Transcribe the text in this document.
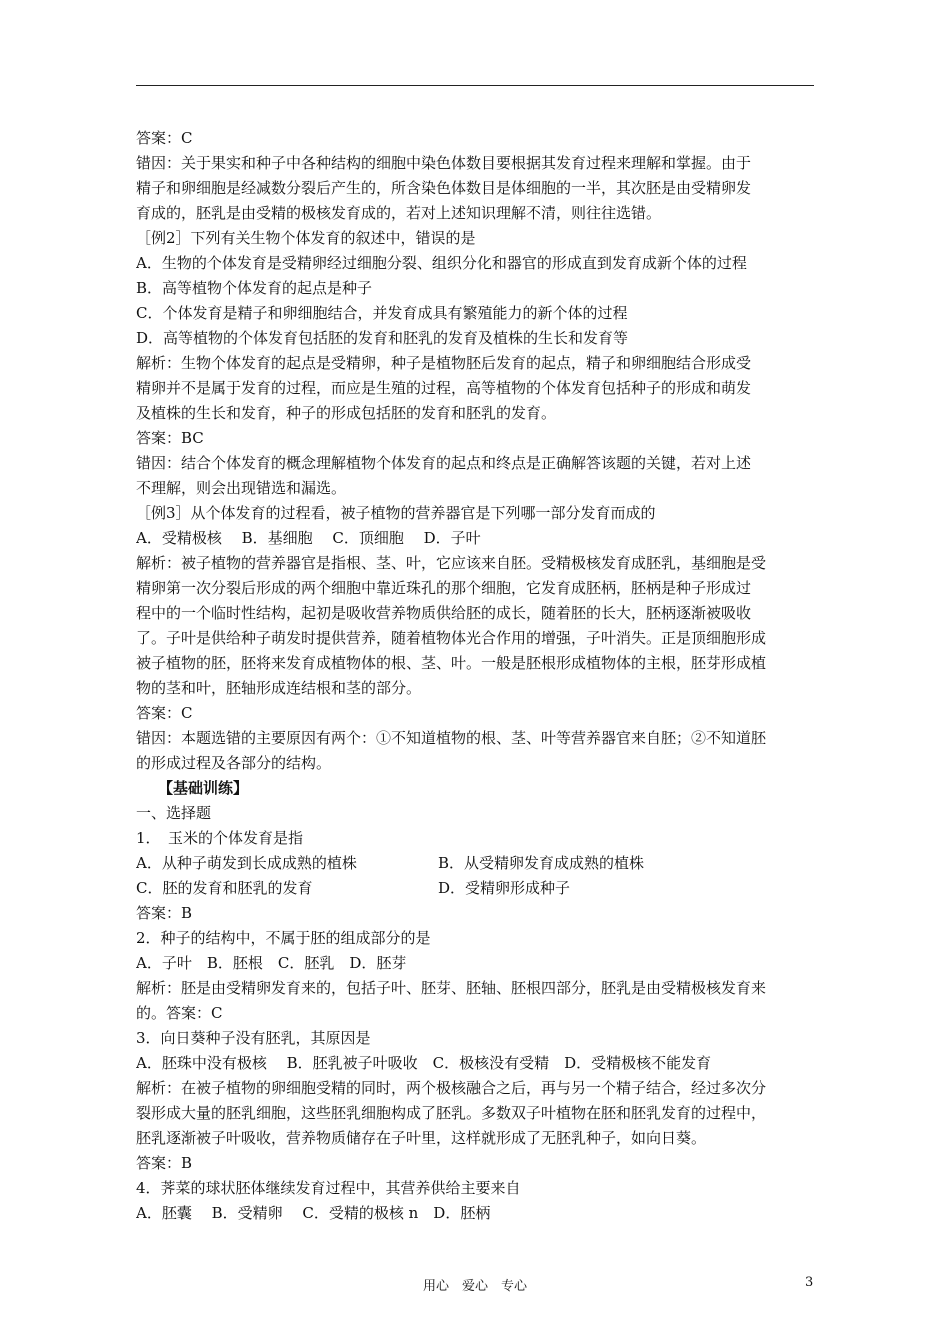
答案：C
错因：关于果实和种子中各种结构的细胞中染色体数目要根据其发育过程来理解和掌握。由于
精子和卵细胞是经减数分裂后产生的，所含染色体数目是体细胞的一半，其次胚是由受精卵发
育成的，胚乳是由受精的极核发育成的，若对上述知识理解不清，则往往选错。
［例2］下列有关生物个体发育的叙述中，错误的是
A．生物的个体发育是受精卵经过细胞分裂、组织分化和器官的形成直到发育成新个体的过程
B．高等植物个体发育的起点是种子
C．个体发育是精子和卵细胞结合，并发育成具有繁殖能力的新个体的过程
D．高等植物的个体发育包括胚的发育和胚乳的发育及植株的生长和发育等
解析：生物个体发育的起点是受精卵，种子是植物胚后发育的起点，精子和卵细胞结合形成受
精卵并不是属于发育的过程，而应是生殖的过程，高等植物的个体发育包括种子的形成和萌发
及植株的生长和发育，种子的形成包括胚的发育和胚乳的发育。
答案：BC
错因：结合个体发育的概念理解植物个体发育的起点和终点是正确解答该题的关键，若对上述
不理解，则会出现错选和漏选。
［例3］从个体发育的过程看，被子植物的营养器官是下列哪一部分发育而成的
A．受精极核　 B．基细胞　 C．顶细胞　 D．子叶
解析：被子植物的营养器官是指根、茎、叶，它应该来自胚。受精极核发育成胚乳，基细胞是受
精卵第一次分裂后形成的两个细胞中靠近珠孔的那个细胞，它发育成胚柄，胚柄是种子形成过
程中的一个临时性结构，起初是吸收营养物质供给胚的成长，随着胚的长大，胚柄逐渐被吸收
了。子叶是供给种子萌发时提供营养，随着植物体光合作用的增强，子叶消失。正是顶细胞形成
被子植物的胚，胚将来发育成植物体的根、茎、叶。一般是胚根形成植物体的主根，胚芽形成植
物的茎和叶，胚轴形成连结根和茎的部分。
答案：C
错因：本题选错的主要原因有两个：①不知道植物的根、茎、叶等营养器官来自胚；②不知道胚
的形成过程及各部分的结构。
【基础训练】
一、选择题
1．　玉米的个体发育是指
A．从种子萌发到长成成熟的植株	B．从受精卵发育成成熟的植株
C．胚的发育和胚乳的发育	D．受精卵形成种子
答案：B
2．种子的结构中，不属于胚的组成部分的是
A．子叶　B．胚根　C．胚乳　D．胚芽
解析：胚是由受精卵发育来的，包括子叶、胚芽、胚轴、胚根四部分，胚乳是由受精极核发育来
的。答案：C
3．向日葵种子没有胚乳，其原因是
A．胚珠中没有极核　 B．胚乳被子叶吸收　C．极核没有受精　D．受精极核不能发育
解析：在被子植物的卵细胞受精的同时，两个极核融合之后，再与另一个精子结合，经过多次分
裂形成大量的胚乳细胞，这些胚乳细胞构成了胚乳。多数双子叶植物在胚和胚乳发育的过程中，
胚乳逐渐被子叶吸收，营养物质储存在子叶里，这样就形成了无胚乳种子，如向日葵。
答案：B
4．荠菜的球状胚体继续发育过程中，其营养供给主要来自
A．胚囊　 B．受精卵　 C．受精的极核 n　D．胚柄
用心　爱心　专心	3
